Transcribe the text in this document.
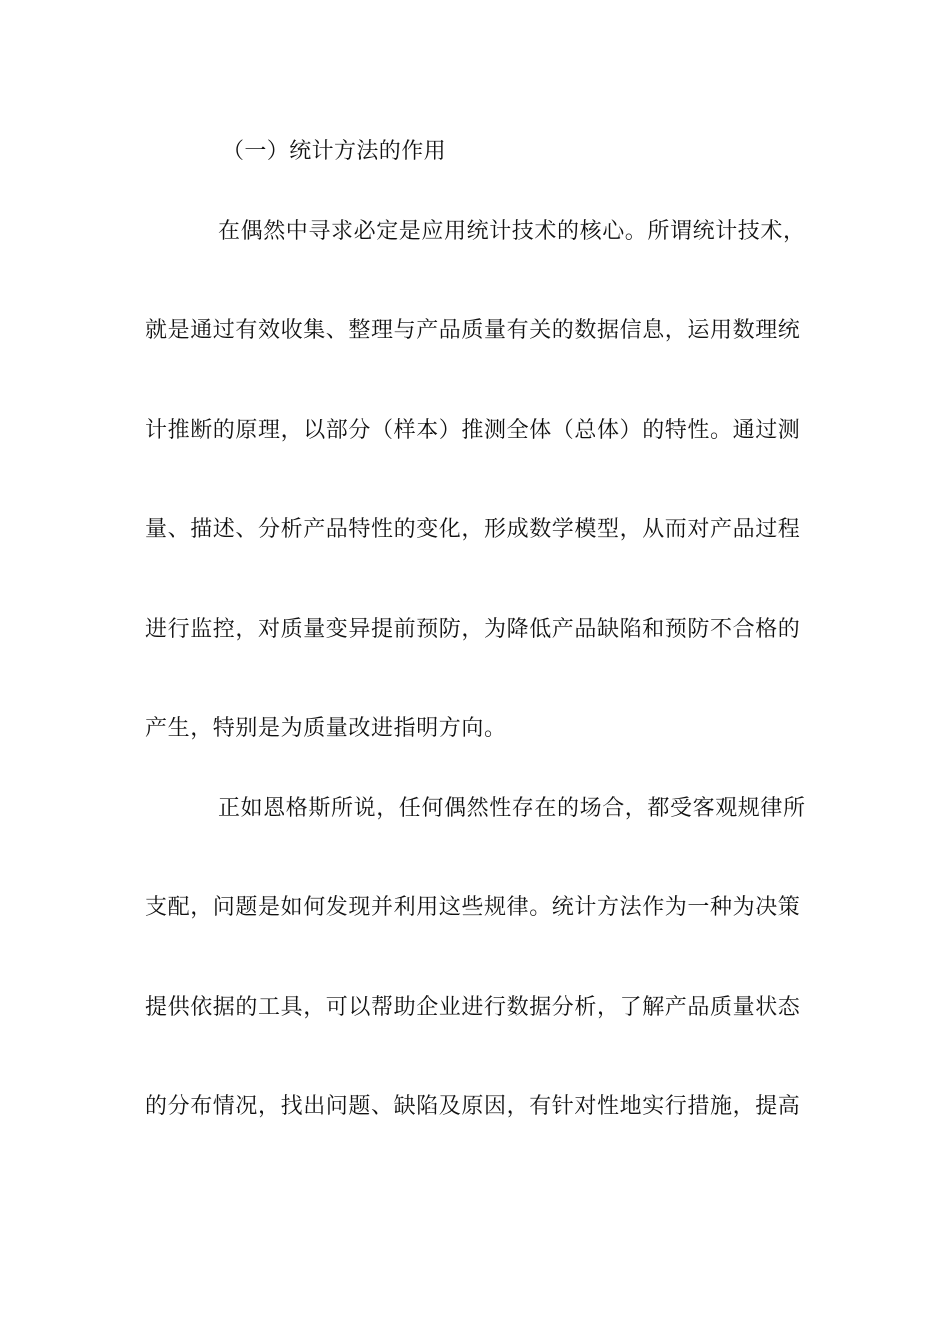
（一）统计方法的作用
在偶然中寻求必定是应用统计技术的核心。所谓统计技术，
就是通过有效收集、整理与产品质量有关的数据信息，运用数理统
计推断的原理，以部分（样本）推测全体（总体）的特性。通过测
量、描述、分析产品特性的变化，形成数学模型，从而对产品过程
进行监控，对质量变异提前预防，为降低产品缺陷和预防不合格的
产生，特别是为质量改进指明方向。
正如恩格斯所说，任何偶然性存在的场合，都受客观规律所
支配，问题是如何发现并利用这些规律。统计方法作为一种为决策
提供依据的工具，可以帮助企业进行数据分析，了解产品质量状态
的分布情况，找出问题、缺陷及原因，有针对性地实行措施，提高
